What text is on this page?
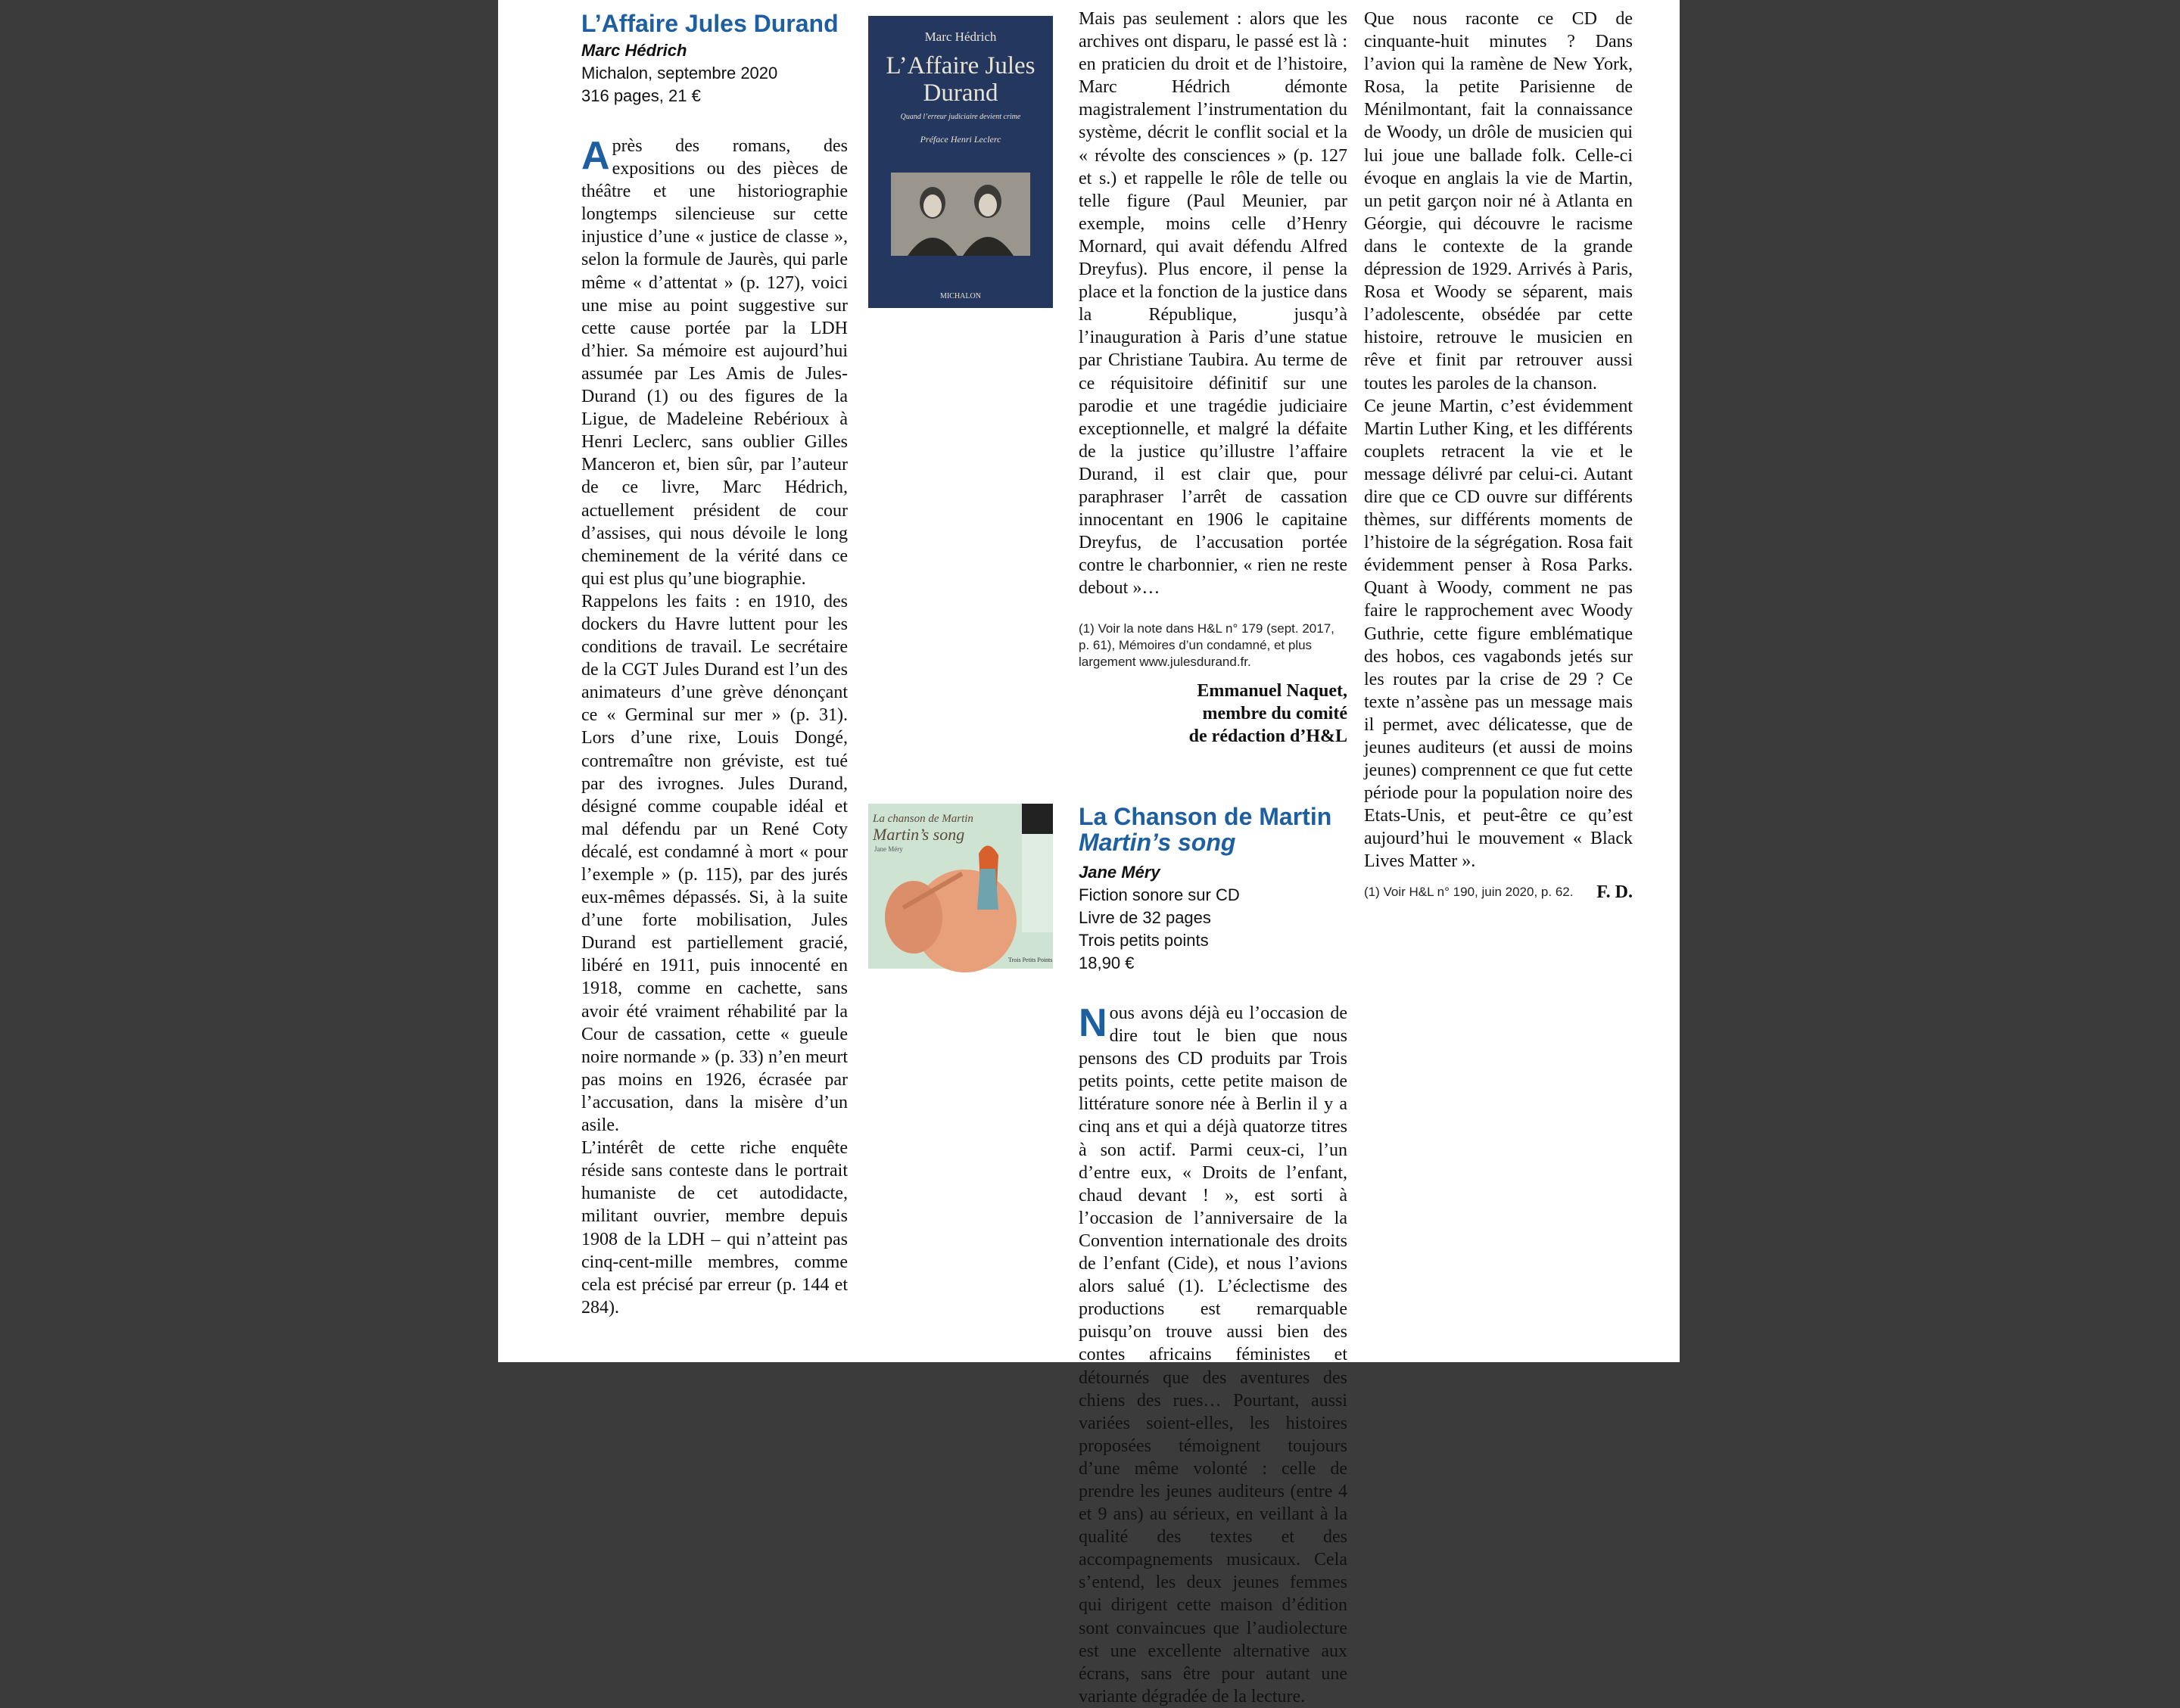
L’Affaire Jules Durand
Marc Hédrich
Michalon, septembre 2020
316 pages, 21 €

Après des romans, des expositions ou des pièces de théâtre et une historiographie longtemps silencieuse sur cette injustice d’une « justice de classe », selon la formule de Jaurès, qui parle même « d’attentat » (p. 127), voici une mise au point suggestive sur cette cause portée par la LDH d’hier. Sa mémoire est aujourd’hui assumée par Les Amis de Jules-Durand (1) ou des figures de la Ligue, de Madeleine Rebérioux à Henri Leclerc, sans oublier Gilles Manceron et, bien sûr, par l’auteur de ce livre, Marc Hédrich, actuellement président de cour d’assises, qui nous dévoile le long cheminement de la vérité dans ce qui est plus qu’une biographie.

Rappelons les faits : en 1910, des dockers du Havre luttent pour les conditions de travail. Le secrétaire de la CGT Jules Durand est l’un des animateurs d’une grève dénonçant ce « Germinal sur mer » (p. 31). Lors d’une rixe, Louis Dongé, contremaître non gréviste, est tué par des ivrognes. Jules Durand, désigné comme coupable idéal et mal défendu par un René Coty décalé, est condamné à mort « pour l’exemple » (p. 115), par des jurés eux-mêmes dépassés. Si, à la suite d’une forte mobilisation, Jules Durand est partiellement gracié, libéré en 1911, puis innocenté en 1918, comme en cachette, sans avoir été vraiment réhabilité par la Cour de cassation, cette « gueule noire normande » (p. 33) n’en meurt pas moins en 1926, écrasée par l’accusation, dans la misère d’un asile.

L’intérêt de cette riche enquête réside sans conteste dans le portrait humaniste de cet autodidacte, militant ouvrier, membre depuis 1908 de la LDH – qui n’atteint pas cinq-cent-mille membres, comme cela est précisé par erreur (p. 144 et 284).

Marc Hédrich
L’Affaire Jules Durand
Quand l’erreur judiciaire devient crime
Préface Henri Leclerc
MICHALON
Mais pas seulement : alors que les archives ont disparu, le passé est là : en praticien du droit et de l’histoire, Marc Hédrich démonte magistralement l’instrumentation du système, décrit le conflit social et la « révolte des consciences » (p. 127 et s.) et rappelle le rôle de telle ou telle figure (Paul Meunier, par exemple, moins celle d’Henry Mornard, qui avait défendu Alfred Dreyfus). Plus encore, il pense la place et la fonction de la justice dans la République, jusqu’à l’inauguration à Paris d’une statue par Christiane Taubira. Au terme de ce réquisitoire définitif sur une parodie et une tragédie judiciaire exceptionnelle, et malgré la défaite de la justice qu’illustre l’affaire Durand, il est clair que, pour paraphraser l’arrêt de cassation innocentant en 1906 le capitaine Dreyfus, de l’accusation portée contre le charbonnier, « rien ne reste debout »…
(1) Voir la note dans H&L n° 179 (sept. 2017, p. 61), Mémoires d’un condamné, et plus largement www.julesdurand.fr.
Emmanuel Naquet,
membre du comité
de rédaction d’H&L
La chanson de Martin
Martin’s song
Jane Méry
Trois Petits Points
La Chanson de Martin
Martin’s song
Jane Méry
Fiction sonore sur CD
Livre de 32 pages
Trois petits points
18,90 €

Nous avons déjà eu l’occasion de dire tout le bien que nous pensons des CD produits par Trois petits points, cette petite maison de littérature sonore née à Berlin il y a cinq ans et qui a déjà quatorze titres à son actif. Parmi ceux-ci, l’un d’entre eux, « Droits de l’enfant, chaud devant ! », est sorti à l’occasion de l’anniversaire de la Convention internationale des droits de l’enfant (Cide), et nous l’avions alors salué (1). L’éclectisme des productions est remarquable puisqu’on trouve aussi bien des contes africains féministes et détournés que des aventures des chiens des rues… Pourtant, aussi variées soient-elles, les histoires proposées témoignent toujours d’une même volonté : celle de prendre les jeunes auditeurs (entre 4 et 9 ans) au sérieux, en veillant à la qualité des textes et des accompagnements musicaux. Cela s’entend, les deux jeunes femmes qui dirigent cette maison d’édition sont convaincues que l’audiolecture est une excellente alternative aux écrans, sans être pour autant une variante dégradée de la lecture.

Que nous raconte ce CD de cinquante-huit minutes ? Dans l’avion qui la ramène de New York, Rosa, la petite Parisienne de Ménilmontant, fait la connaissance de Woody, un drôle de musicien qui lui joue une ballade folk. Celle-ci évoque en anglais la vie de Martin, un petit garçon noir né à Atlanta en Géorgie, qui découvre le racisme dans le contexte de la grande dépression de 1929. Arrivés à Paris, Rosa et Woody se séparent, mais l’adolescente, obsédée par cette histoire, retrouve le musicien en rêve et finit par retrouver aussi toutes les paroles de la chanson.

Ce jeune Martin, c’est évidemment Martin Luther King, et les différents couplets retracent la vie et le message délivré par celui-ci. Autant dire que ce CD ouvre sur différents thèmes, sur différents moments de l’histoire de la ségrégation. Rosa fait évidemment penser à Rosa Parks. Quant à Woody, comment ne pas faire le rapprochement avec Woody Guthrie, cette figure emblématique des hobos, ces vagabonds jetés sur les routes par la crise de 29 ? Ce texte n’assène pas un message mais il permet, avec délicatesse, que de jeunes auditeurs (et aussi de moins jeunes) comprennent ce que fut cette période pour la population noire des Etats-Unis, et peut-être ce qu’est aujourd’hui le mouvement « Black Lives Matter ».

(1) Voir H&L n° 190, juin 2020, p. 62. F. D.
